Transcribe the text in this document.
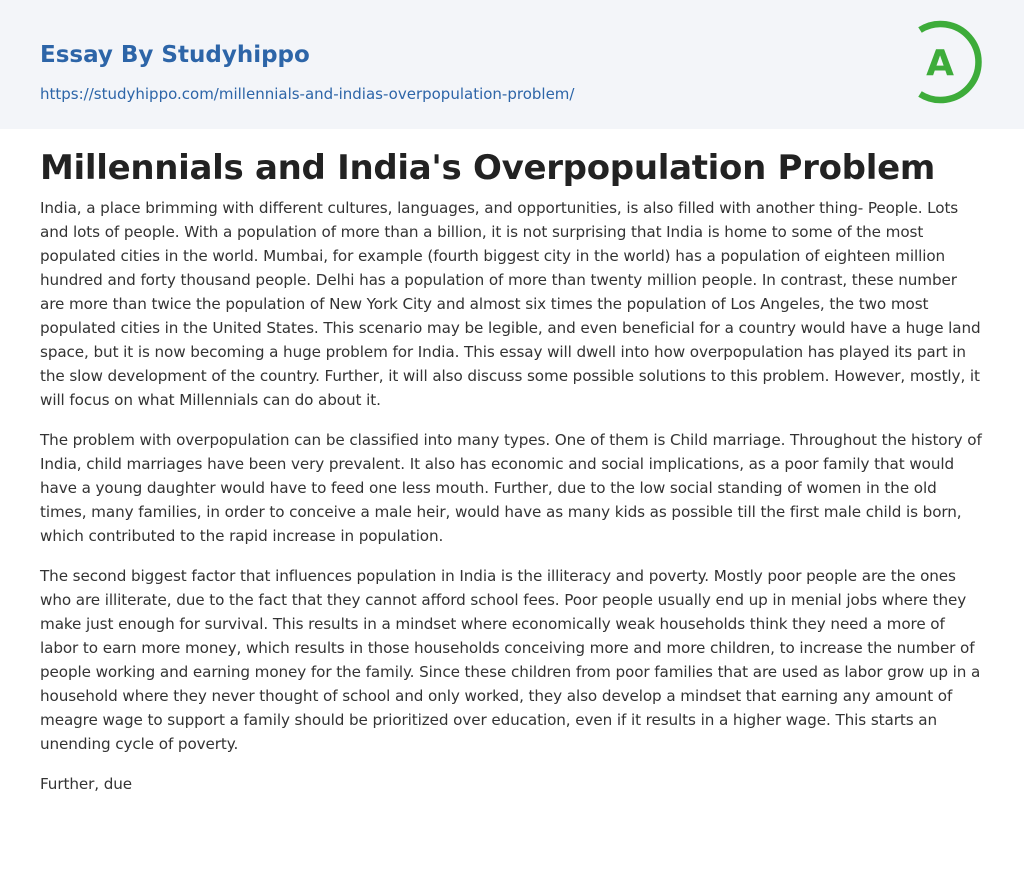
Essay By Studyhippo
https://studyhippo.com/millennials-and-indias-overpopulation-problem/
A
Millennials and India's Overpopulation Problem

India, a place brimming with different cultures, languages, and opportunities, is also filled with another thing- People. Lots and lots of people. With a population of more than a billion, it is not surprising that India is home to some of the most populated cities in the world. Mumbai, for example (fourth biggest city in the world) has a population of eighteen million hundred and forty thousand people. Delhi has a population of more than twenty million people. In contrast, these number are more than twice the population of New York City and almost six times the population of Los Angeles, the two most populated cities in the United States. This scenario may be legible, and even beneficial for a country would have a huge land space, but it is now becoming a huge problem for India. This essay will dwell into how overpopulation has played its part in the slow development of the country. Further, it will also discuss some possible solutions to this problem. However, mostly, it will focus on what Millennials can do about it.

The problem with overpopulation can be classified into many types. One of them is Child marriage. Throughout the history of India, child marriages have been very prevalent. It also has economic and social implications, as a poor family that would have a young daughter would have to feed one less mouth. Further, due to the low social standing of women in the old times, many families, in order to conceive a male heir, would have as many kids as possible till the first male child is born, which contributed to the rapid increase in population.

The second biggest factor that influences population in India is the illiteracy and poverty. Mostly poor people are the ones who are illiterate, due to the fact that they cannot afford school fees. Poor people usually end up in menial jobs where they make just enough for survival. This results in a mindset where economically weak households think they need a more of labor to earn more money, which results in those households conceiving more and more children, to increase the number of people working and earning money for the family. Since these children from poor families that are used as labor grow up in a household where they never thought of school and only worked, they also develop a mindset that earning any amount of meagre wage to support a family should be prioritized over education, even if it results in a higher wage. This starts an unending cycle of poverty.

Further, due
